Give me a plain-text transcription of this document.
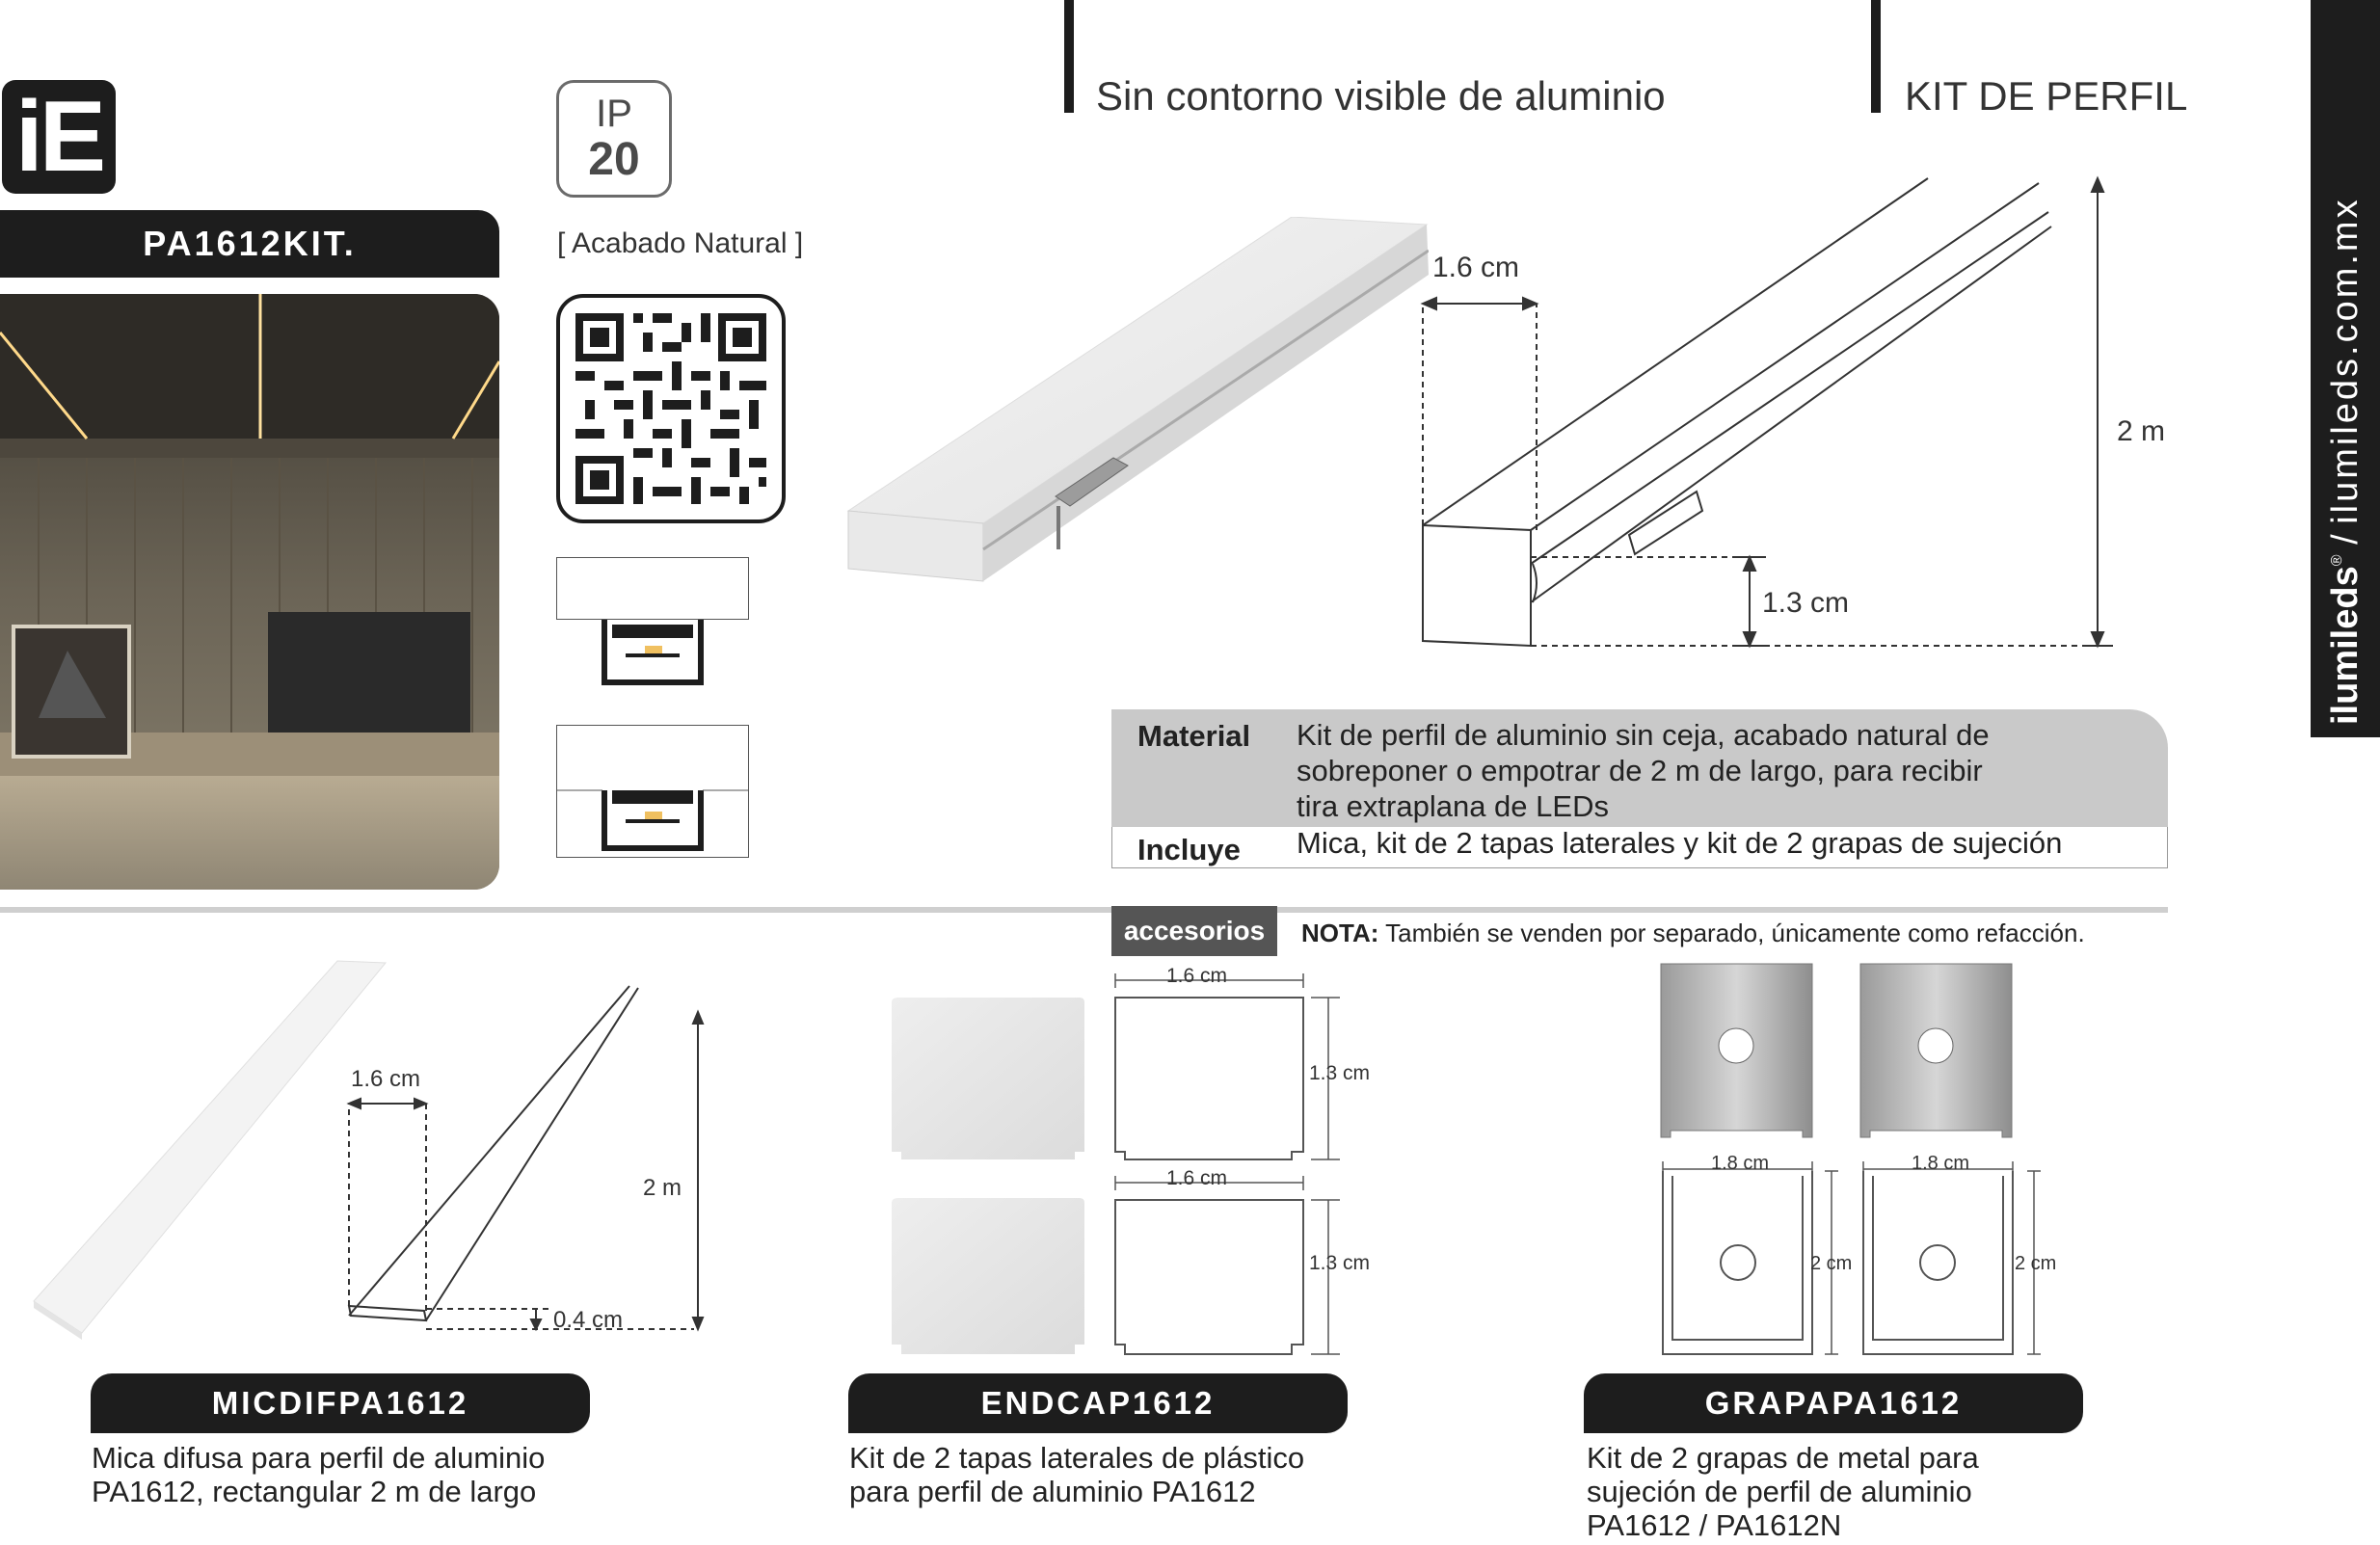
iE
PA1612KIT.
IP
20
[ Acabado Natural ]
Sin contorno visible de aluminio	KIT DE PERFIL
1.6 cm
1.3 cm
2 m
Material Kit de perfil de aluminio sin ceja, acabado natural de
sobreponer o empotrar de 2 m de largo, para recibir
tira extraplana de LEDs
Incluye Mica, kit de 2 tapas laterales y kit de 2 grapas de sujeción
accesorios	NOTA: También se venden por separado, únicamente como refacción.
1.6 cm
2 m
0.4 cm
MICDIFPA1612
Mica difusa para perfil de aluminio
PA1612, rectangular 2 m de largo
1.6 cm
1.6 cm
1.3 cm
1.3 cm
ENDCAP1612
Kit de 2 tapas laterales de plástico
para perfil de aluminio PA1612
1.8 cm	1.8 cm
2 cm	2 cm
GRAPAPA1612
Kit de 2 grapas de metal para
sujeción de perfil de aluminio
PA1612 / PA1612N
ilumileds® / ilumileds.com.mx
